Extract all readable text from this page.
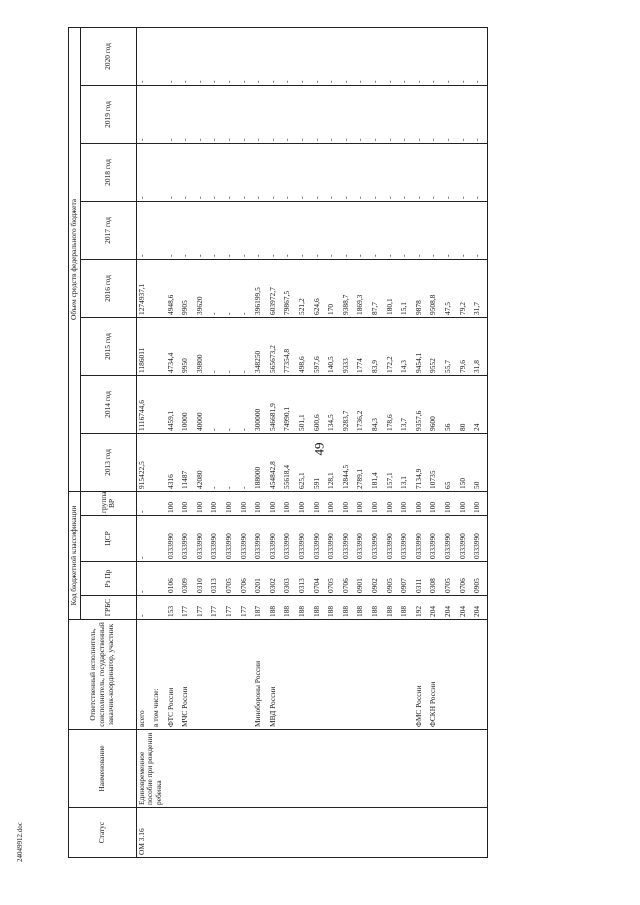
49
24049912.doc	Статус	Наименование	Ответственный исполнитель, соисполнитель, государственный заказчик-координатор, участник	Код бюджетной классификации				Объем средств федерального бюджета							
			ГРБС	Рз Пр	ЦСР	группа ВР	2013 год	2014 год	2015 год	2016 год	2017 год	2018 год	2019 год	2020 год
ОМ 3.16	Единовременное пособие при рождении ребенка	всего	-	-	-	-	915422,5	1116744,6	1186011	1274937,1	-	-	-	-
		в том числе:												
		ФТС России	153	0106	0333990	100	4316	4459,1	4734,4	4948,6	-	-	-	-
		МЧС России	177	0309	0333990	100	11487	10000	9950	9905	-	-	-	-
			177	0310	0333990	100	42080	40000	39800	39620	-	-	-	-
			177	0313	0333990	100	-	-	-	-	-	-	-	-
			177	0705	0333990	100	-	-	-	-	-	-	-	-
			177	0706	0333990	100	-	-	-	-	-	-	-	-
		Минобороны России	187	0201	0333990	100	188000	300000	348250	396199,5	-	-	-	-
		МВД России	188	0302	0333990	100	454842,8	546681,9	565673,2	603972,7	-	-	-	-
			188	0303	0333990	100	55618,4	74990,1	77354,8	79867,5	-	-	-	-
			188	0313	0333990	100	625,1	501,1	498,6	521,2	-	-	-	-
			188	0704	0333990	100	591	600,6	597,6	624,6	-	-	-	-
			188	0705	0333990	100	128,1	134,5	140,5	170	-	-	-	-
			188	0706	0333990	100	12844,5	9283,7	9333	9388,7	-	-	-	-
			188	0901	0333990	100	2789,1	1736,2	1774	1869,3	-	-	-	-
			188	0902	0333990	100	181,4	84,3	83,9	87,7	-	-	-	-
			188	0905	0333990	100	157,1	178,6	172,2	180,1	-	-	-	-
			188	0907	0333990	100	13,1	13,7	14,3	15,1	-	-	-	-
		ФМС России	192	0311	0333990	100	7134,9	9357,6	9454,1	9878	-	-	-	-
		ФСКН России	204	0308	0333990	100	10735	9600	9552	9508,8	-	-	-	-
			204	0705	0333990	100	65	56	55,7	47,5	-	-	-	-
			204	0706	0333990	100	150	80	79,6	79,2	-	-	-	-
			204	0905	0333990	100	50	24	31,8	31,7	-	-	-	-
